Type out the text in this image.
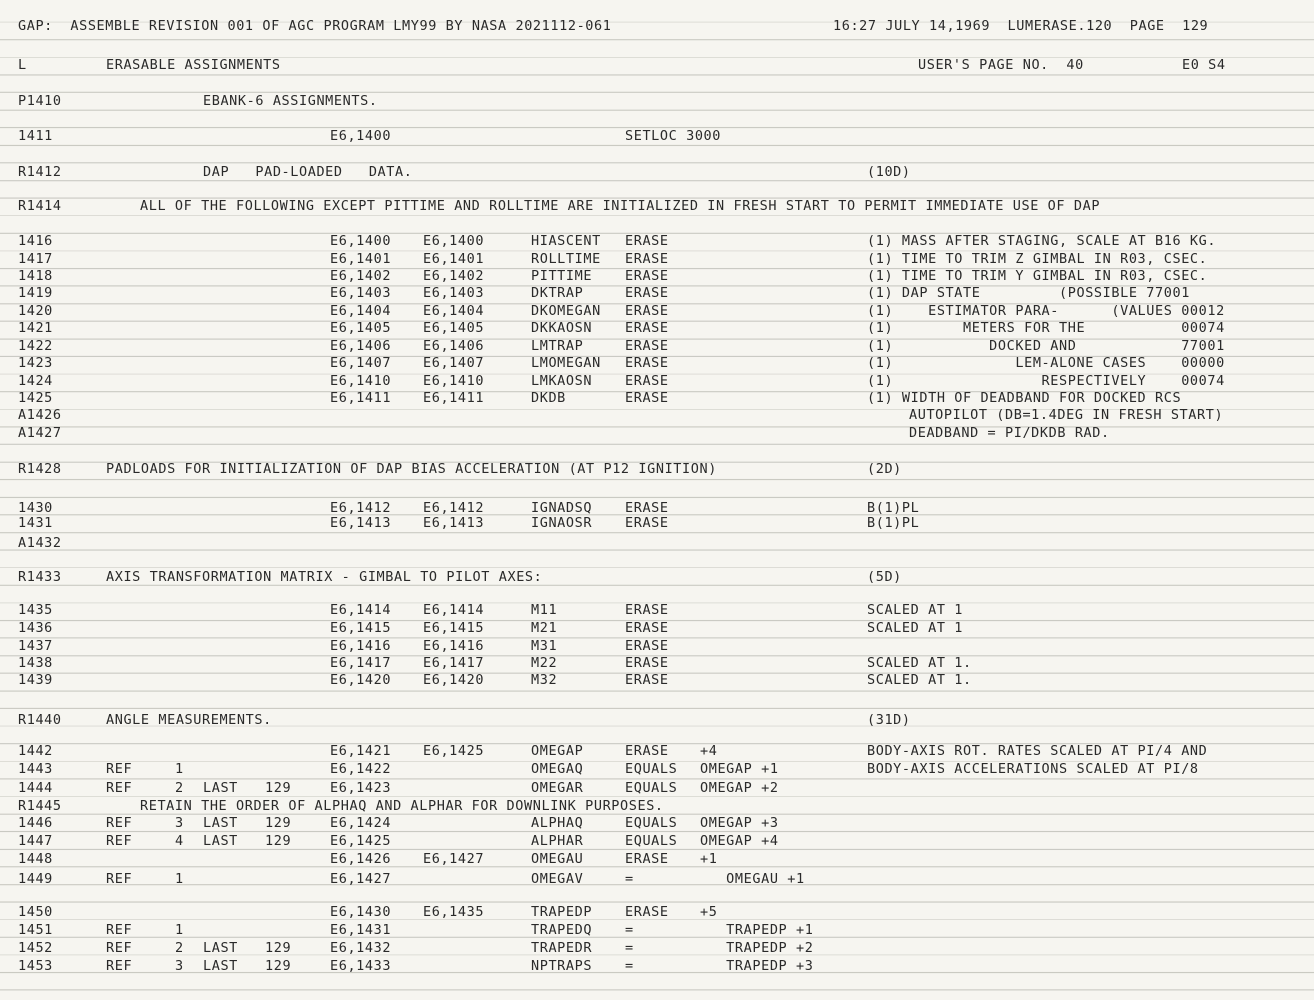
GAP:  ASSEMBLE REVISION 001 OF AGC PROGRAM LMY99 BY NASA 2021112-061

	16:27 JULY 14,1969  LUMERASE.120  PAGE  129

L

	ERASABLE ASSIGNMENTS

	USER'S PAGE NO.  40

	E0 S4

P1410	EBANK-6 ASSIGNMENTS.
1411	E6,1400	SETLOC 3000
R1412	DAP   PAD-LOADED   DATA.	(10D)
R1414	ALL OF THE FOLLOWING EXCEPT PITTIME AND ROLLTIME ARE INITIALIZED IN FRESH START TO PERMIT IMMEDIATE USE OF DAP
1416	E6,1400 E6,1400	HIASCENT ERASE	(1) MASS AFTER STAGING, SCALE AT B16 KG.
1417	E6,1401 E6,1401	ROLLTIME ERASE	(1) TIME TO TRIM Z GIMBAL IN R03, CSEC.
1418	E6,1402 E6,1402	PITTIME ERASE	(1) TIME TO TRIM Y GIMBAL IN R03, CSEC.
1419	E6,1403 E6,1403	DKTRAP	ERASE	(1) DAP STATE         (POSSIBLE 77001
1420	E6,1404 E6,1404	DKOMEGAN ERASE	(1)    ESTIMATOR PARA-      (VALUES 00012
1421	E6,1405 E6,1405	DKKAOSN ERASE	(1)        METERS FOR THE           00074
1422	E6,1406 E6,1406	LMTRAP	ERASE	(1)           DOCKED AND            77001
1423	E6,1407 E6,1407	LMOMEGAN ERASE	(1)              LEM-ALONE CASES    00000
1424	E6,1410 E6,1410	LMKAOSN ERASE	(1)                 RESPECTIVELY    00074
1425	E6,1411 E6,1411	DKDB	ERASE	(1) WIDTH OF DEADBAND FOR DOCKED RCS
A1426	AUTOPILOT (DB=1.4DEG IN FRESH START)
A1427	DEADBAND = PI/DKDB RAD.
R1428	PADLOADS FOR INITIALIZATION OF DAP BIAS ACCELERATION (AT P12 IGNITION)	(2D)
1430	E6,1412 E6,1412	IGNADSQ ERASE	B(1)PL
1431	E6,1413 E6,1413	IGNAOSR ERASE	B(1)PL
A1432
R1433	AXIS TRANSFORMATION MATRIX - GIMBAL TO PILOT AXES:	(5D)
1435	E6,1414 E6,1414	M11	ERASE	SCALED AT 1
1436	E6,1415 E6,1415	M21	ERASE	SCALED AT 1
1437	E6,1416 E6,1416	M31	ERASE
1438	E6,1417 E6,1417	M22	ERASE	SCALED AT 1.
1439	E6,1420 E6,1420	M32	ERASE	SCALED AT 1.
R1440	ANGLE MEASUREMENTS.	(31D)
1442	E6,1421 E6,1425	OMEGAP	ERASE +4	BODY-AXIS ROT. RATES SCALED AT PI/4 AND
1443	REF	1	E6,1422	OMEGAQ	EQUALS OMEGAP +1	BODY-AXIS ACCELERATIONS SCALED AT PI/8
1444	REF	2 LAST 129	E6,1423	OMEGAR	EQUALS OMEGAP +2
R1445	RETAIN THE ORDER OF ALPHAQ AND ALPHAR FOR DOWNLINK PURPOSES.
1446	REF	3 LAST 129	E6,1424	ALPHAQ	EQUALS OMEGAP +3
1447	REF	4 LAST 129	E6,1425	ALPHAR	EQUALS OMEGAP +4
1448	E6,1426 E6,1427	OMEGAU	ERASE +1
1449	REF	1	E6,1427	OMEGAV	=	OMEGAU +1
1450	E6,1430 E6,1435	TRAPEDP ERASE +5
1451	REF	1	E6,1431	TRAPEDQ =	TRAPEDP +1
1452	REF	2 LAST 129	E6,1432	TRAPEDR =	TRAPEDP +2
1453	REF	3 LAST 129	E6,1433	NPTRAPS =	TRAPEDP +3
